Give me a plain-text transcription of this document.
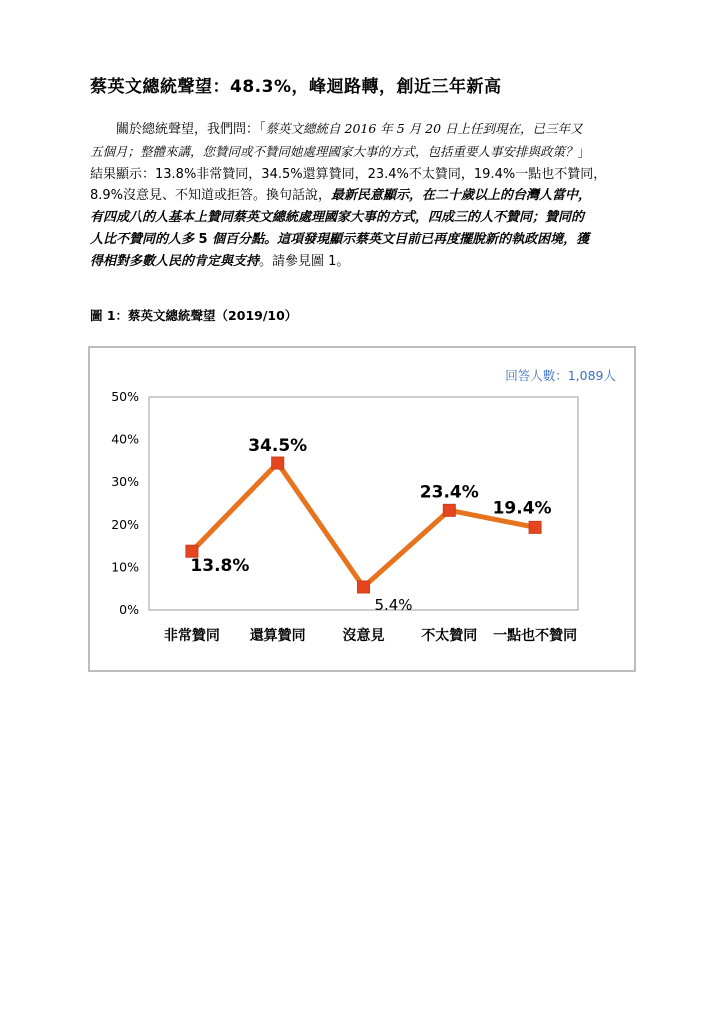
蔡英文總統聲望：48.3%，峰迴路轉，創近三年新高
關於總統聲望，我們問：「蔡英文總統自 2016 年 5 月 20 日上任到現在，已三年又
五個月；整體來講，您贊同或不贊同她處理國家大事的方式，包括重要人事安排與政策？」
結果顯示：13.8%非常贊同，34.5%還算贊同，23.4%不太贊同，19.4%一點也不贊同，
8.9%沒意見、不知道或拒答。換句話說，最新民意顯示，在二十歲以上的台灣人當中，
有四成八的人基本上贊同蔡英文總統處理國家大事的方式，四成三的人不贊同；贊同的
人比不贊同的人多 5 個百分點。這項發現顯示蔡英文目前已再度擺脫新的執政困境，獲
得相對多數人民的肯定與支持。請參見圖 1。
圖 1：蔡英文總統聲望（2019/10）
回答人數：1,089人
0%
10%
20%
30%
40%
50%
非常贊同 還算贊同	沒意見	不太贊同 一點也不贊同
13.8%
34.5%
5.4%
23.4%
19.4%
